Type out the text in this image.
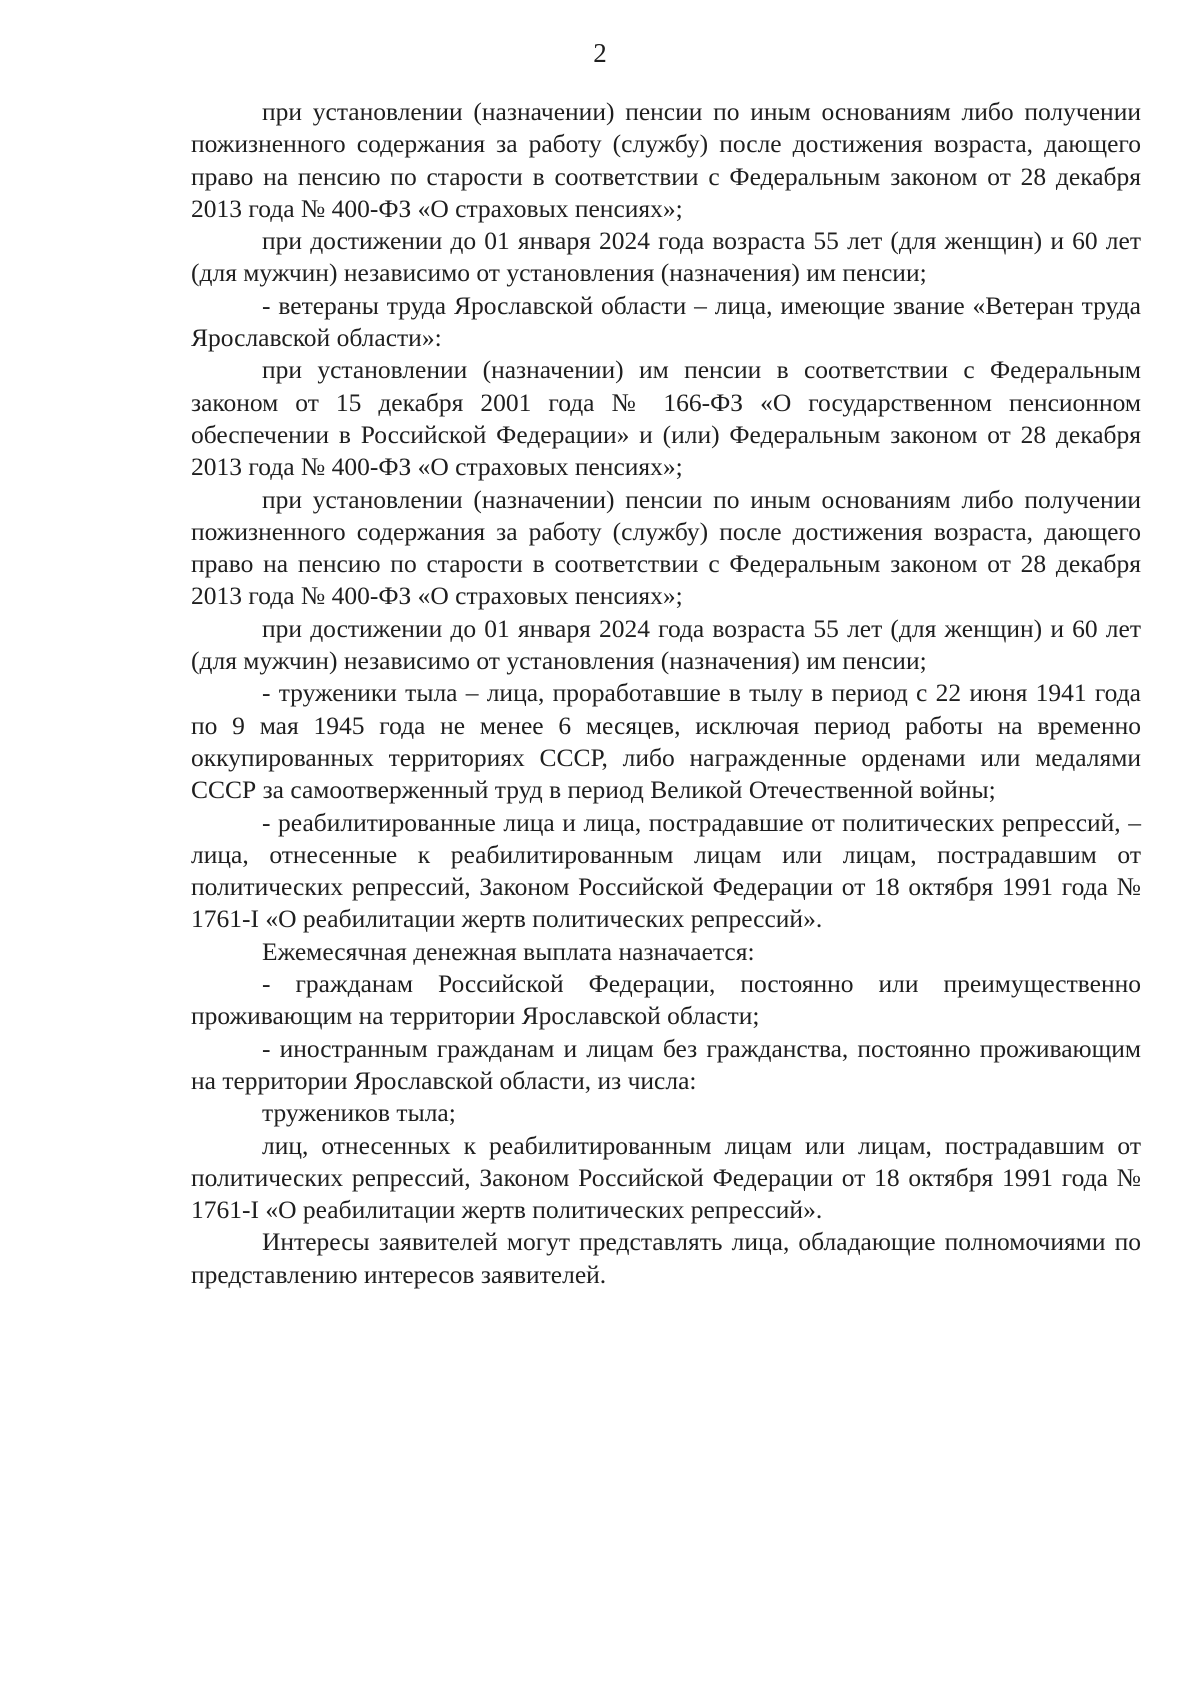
2

при установлении (назначении) пенсии по иным основаниям либо получении пожизненного содержания за работу (службу) после достижения возраста, дающего право на пенсию по старости в соответствии с Федеральным законом от 28 декабря 2013 года № 400-ФЗ «О страховых пенсиях»;

при достижении до 01 января 2024 года возраста 55 лет (для женщин) и 60 лет (для мужчин) независимо от установления (назначения) им пенсии;

- ветераны труда Ярославской области – лица, имеющие звание «Ветеран труда Ярославской области»:

при установлении (назначении) им пенсии в соответствии с Федеральным законом от 15 декабря 2001 года № 166-ФЗ «О государственном пенсионном обеспечении в Российской Федерации» и (или) Федеральным законом от 28 декабря 2013 года № 400-ФЗ «О страховых пенсиях»;

при установлении (назначении) пенсии по иным основаниям либо получении пожизненного содержания за работу (службу) после достижения возраста, дающего право на пенсию по старости в соответствии с Федеральным законом от 28 декабря 2013 года № 400-ФЗ «О страховых пенсиях»;

при достижении до 01 января 2024 года возраста 55 лет (для женщин) и 60 лет (для мужчин) независимо от установления (назначения) им пенсии;

- труженики тыла – лица, проработавшие в тылу в период с 22 июня 1941 года по 9 мая 1945 года не менее 6 месяцев, исключая период работы на временно оккупированных территориях СССР, либо награжденные орденами или медалями СССР за самоотверженный труд в период Великой Отечественной войны;

- реабилитированные лица и лица, пострадавшие от политических репрессий, – лица, отнесенные к реабилитированным лицам или лицам, пострадавшим от политических репрессий, Законом Российской Федерации от 18 октября 1991 года № 1761-I «О реабилитации жертв политических репрессий».

Ежемесячная денежная выплата назначается:

- гражданам Российской Федерации, постоянно или преимущественно проживающим на территории Ярославской области;

- иностранным гражданам и лицам без гражданства, постоянно проживающим на территории Ярославской области, из числа:

тружеников тыла;

лиц, отнесенных к реабилитированным лицам или лицам, пострадавшим от политических репрессий, Законом Российской Федерации от 18 октября 1991 года № 1761-I «О реабилитации жертв политических репрессий».

Интересы заявителей могут представлять лица, обладающие полномочиями по представлению интересов заявителей.
